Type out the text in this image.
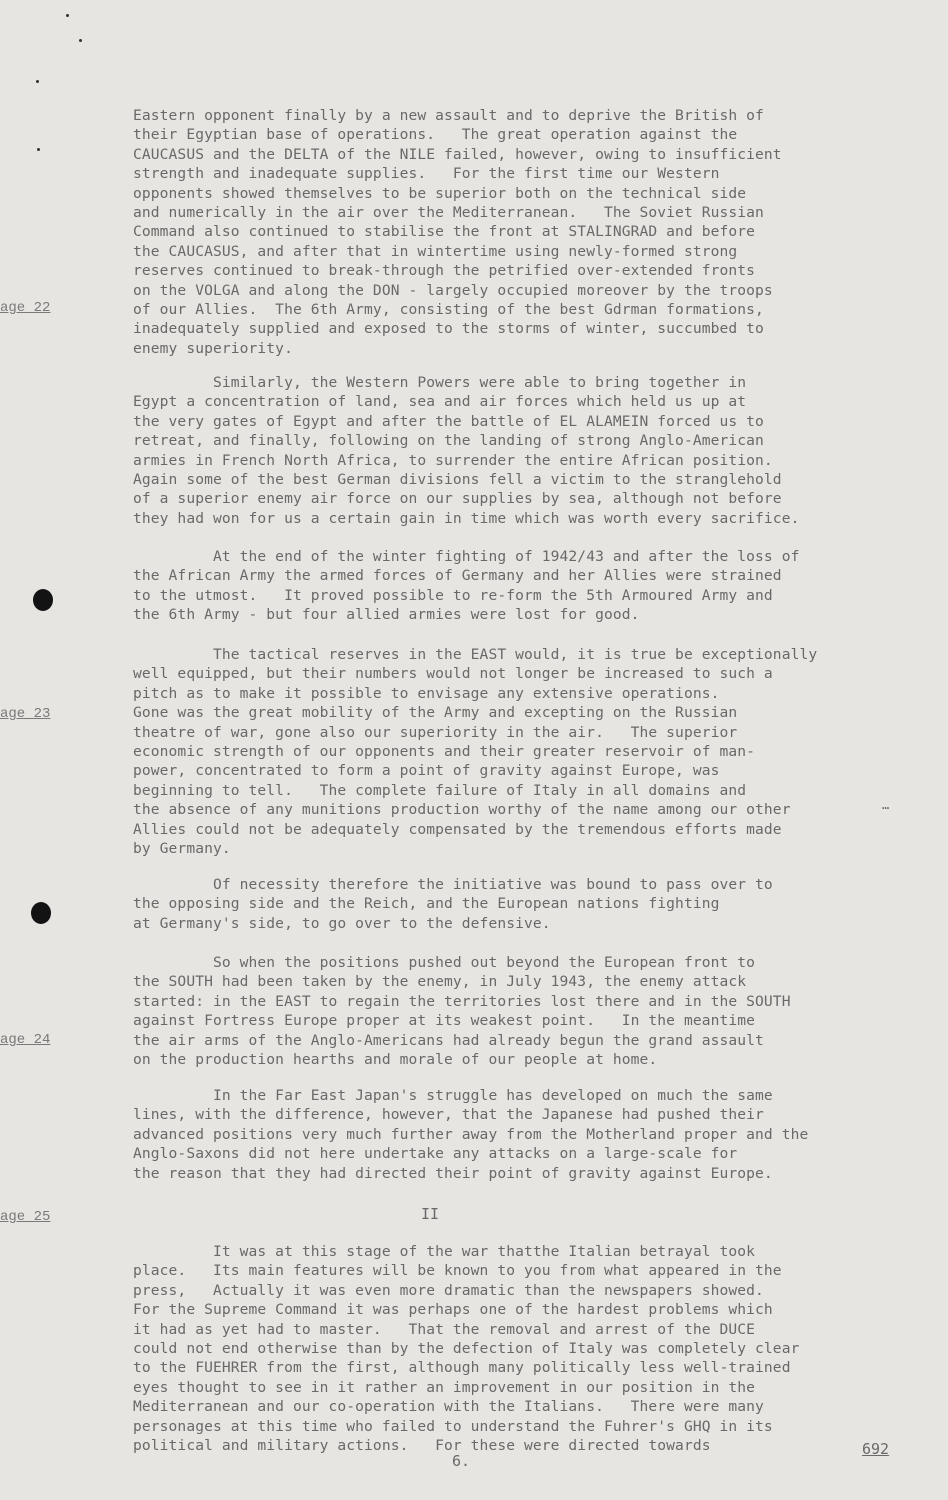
age 22
age 23
age 24
age 25

Eastern opponent finally by a new assault and to deprive the British of
their Egyptian base of operations.   The great operation against the
CAUCASUS and the DELTA of the NILE failed, however, owing to insufficient
strength and inadequate supplies.   For the first time our Western
opponents showed themselves to be superior both on the technical side
and numerically in the air over the Mediterranean.   The Soviet Russian
Command also continued to stabilise the front at STALINGRAD and before
the CAUCASUS, and after that in wintertime using newly-formed strong
reserves continued to break-through the petrified over-extended fronts
on the VOLGA and along the DON - largely occupied moreover by the troops
of our Allies.  The 6th Army, consisting of the best Gdrman formations,
inadequately supplied and exposed to the storms of winter, succumbed to
enemy superiority.

Similarly, the Western Powers were able to bring together in
Egypt a concentration of land, sea and air forces which held us up at
the very gates of Egypt and after the battle of EL ALAMEIN forced us to
retreat, and finally, following on the landing of strong Anglo-American
armies in French North Africa, to surrender the entire African position.
Again some of the best German divisions fell a victim to the stranglehold
of a superior enemy air force on our supplies by sea, although not before
they had won for us a certain gain in time which was worth every sacrifice.

At the end of the winter fighting of 1942/43 and after the loss of
the African Army the armed forces of Germany and her Allies were strained
to the utmost.   It proved possible to re-form the 5th Armoured Army and
the 6th Army - but four allied armies were lost for good.

The tactical reserves in the EAST would, it is true be exceptionally
well equipped, but their numbers would not longer be increased to such a
pitch as to make it possible to envisage any extensive operations.
Gone was the great mobility of the Army and excepting on the Russian
theatre of war, gone also our superiority in the air.   The superior
economic strength of our opponents and their greater reservoir of man-
power, concentrated to form a point of gravity against Europe, was
beginning to tell.   The complete failure of Italy in all domains and
the absence of any munitions production worthy of the name among our other
Allies could not be adequately compensated by the tremendous efforts made
by Germany.

Of necessity therefore the initiative was bound to pass over to
the opposing side and the Reich, and the European nations fighting
at Germany's side, to go over to the defensive.

So when the positions pushed out beyond the European front to
the SOUTH had been taken by the enemy, in July 1943, the enemy attack
started: in the EAST to regain the territories lost there and in the SOUTH
against Fortress Europe proper at its weakest point.   In the meantime
the air arms of the Anglo-Americans had already begun the grand assault
on the production hearths and morale of our people at home.

In the Far East Japan's struggle has developed on much the same
lines, with the difference, however, that the Japanese had pushed their
advanced positions very much further away from the Motherland proper and the
Anglo-Saxons did not here undertake any attacks on a large-scale for
the reason that they had directed their point of gravity against Europe.

II

It was at this stage of the war thatthe Italian betrayal took
place.   Its main features will be known to you from what appeared in the
press,   Actually it was even more dramatic than the newspapers showed.
For the Supreme Command it was perhaps one of the hardest problems which
it had as yet had to master.   That the removal and arrest of the DUCE
could not end otherwise than by the defection of Italy was completely clear
to the FUEHRER from the first, although many politically less well-trained
eyes thought to see in it rather an improvement in our position in the
Mediterranean and our co-operation with the Italians.   There were many
personages at this time who failed to understand the Fuhrer's GHQ in its
political and military actions.   For these were directed towards

…
6.
692
